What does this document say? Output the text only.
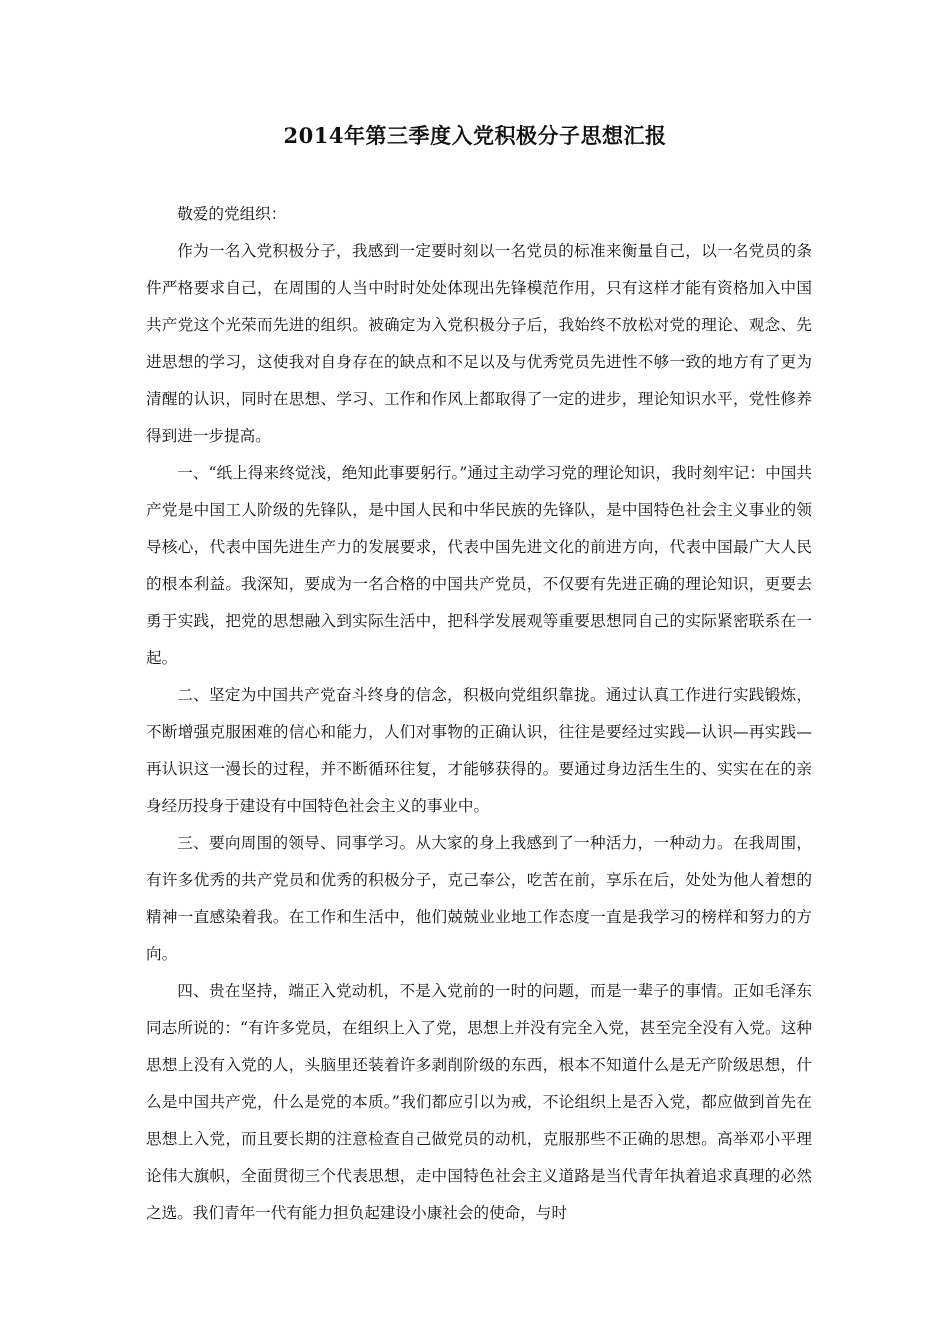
2014年第三季度入党积极分子思想汇报

敬爱的党组织：

作为一名入党积极分子，我感到一定要时刻以一名党员的标准来衡量自己，以一名党员的条件严格要求自己，在周围的人当中时时处处体现出先锋模范作用，只有这样才能有资格加入中国共产党这个光荣而先进的组织。被确定为入党积极分子后，我始终不放松对党的理论、观念、先进思想的学习，这使我对自身存在的缺点和不足以及与优秀党员先进性不够一致的地方有了更为清醒的认识，同时在思想、学习、工作和作风上都取得了一定的进步，理论知识水平，党性修养得到进一步提高。

一、“纸上得来终觉浅，绝知此事要躬行。”通过主动学习党的理论知识，我时刻牢记：中国共产党是中国工人阶级的先锋队，是中国人民和中华民族的先锋队，是中国特色社会主义事业的领导核心，代表中国先进生产力的发展要求，代表中国先进文化的前进方向，代表中国最广大人民的根本利益。我深知，要成为一名合格的中国共产党员，不仅要有先进正确的理论知识，更要去勇于实践，把党的思想融入到实际生活中，把科学发展观等重要思想同自己的实际紧密联系在一起。

二、坚定为中国共产党奋斗终身的信念，积极向党组织靠拢。通过认真工作进行实践锻炼，不断增强克服困难的信心和能力，人们对事物的正确认识，往往是要经过实践—认识—再实践—再认识这一漫长的过程，并不断循环往复，才能够获得的。要通过身边活生生的、实实在在的亲身经历投身于建设有中国特色社会主义的事业中。

三、要向周围的领导、同事学习。从大家的身上我感到了一种活力，一种动力。在我周围，有许多优秀的共产党员和优秀的积极分子，克己奉公，吃苦在前，享乐在后，处处为他人着想的精神一直感染着我。在工作和生活中，他们兢兢业业地工作态度一直是我学习的榜样和努力的方向。

四、贵在坚持，端正入党动机，不是入党前的一时的问题，而是一辈子的事情。正如毛泽东同志所说的：“有许多党员，在组织上入了党，思想上并没有完全入党，甚至完全没有入党。这种思想上没有入党的人，头脑里还装着许多剥削阶级的东西，根本不知道什么是无产阶级思想，什么是中国共产党，什么是党的本质。”我们都应引以为戒，不论组织上是否入党，都应做到首先在思想上入党，而且要长期的注意检查自己做党员的动机，克服那些不正确的思想。高举邓小平理论伟大旗帜，全面贯彻三个代表思想，走中国特色社会主义道路是当代青年执着追求真理的必然之选。我们青年一代有能力担负起建设小康社会的使命，与时
